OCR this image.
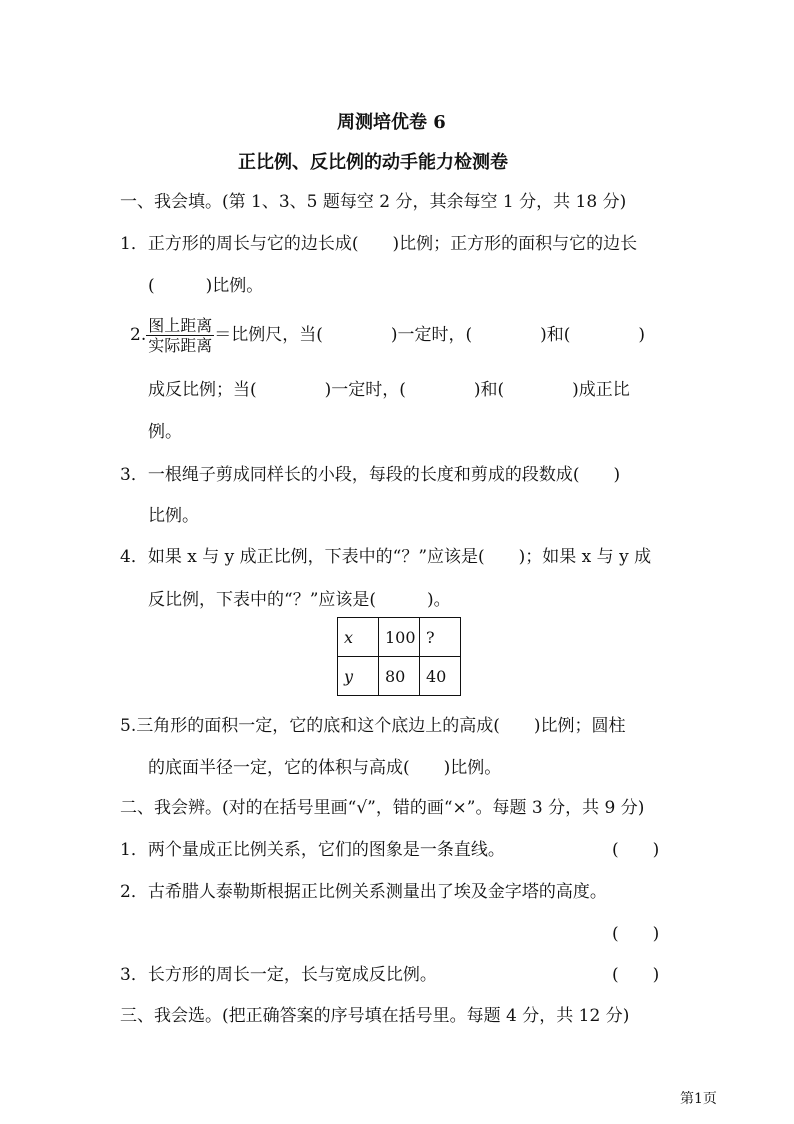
周测培优卷 6
正比例、反比例的动手能力检测卷
一、我会填。(第 1、3、5 题每空 2 分，其余每空 1 分，共 18 分)
1．正方形的周长与它的边长成(　　)比例；正方形的面积与它的边长
(　　　)比例。
2. $\frac{\text{图上距离}}{\text{实际距离}}$ ＝比例尺，当(　　　　)一定时，(　　　　)和(　　　　)
成反比例；当(　　　　)一定时，(　　　　)和(　　　　)成正比
例。
3．一根绳子剪成同样长的小段，每段的长度和剪成的段数成(　　)
比例。
4．如果 x 与 y 成正比例，下表中的“？”应该是(　　)；如果 x 与 y 成
反比例，下表中的“？”应该是(　　　)。
x	100	?
y	80	40
5.三角形的面积一定，它的底和这个底边上的高成(　　)比例；圆柱
的底面半径一定，它的体积与高成(　　)比例。
二、我会辨。(对的在括号里画“√”，错的画“×”。每题 3 分，共 9 分)
1．两个量成正比例关系，它们的图象是一条直线。	(　　)
2．古希腊人泰勒斯根据正比例关系测量出了埃及金字塔的高度。
(　　)
3．长方形的周长一定，长与宽成反比例。	(　　)
三、我会选。(把正确答案的序号填在括号里。每题 4 分，共 12 分)
第1页
